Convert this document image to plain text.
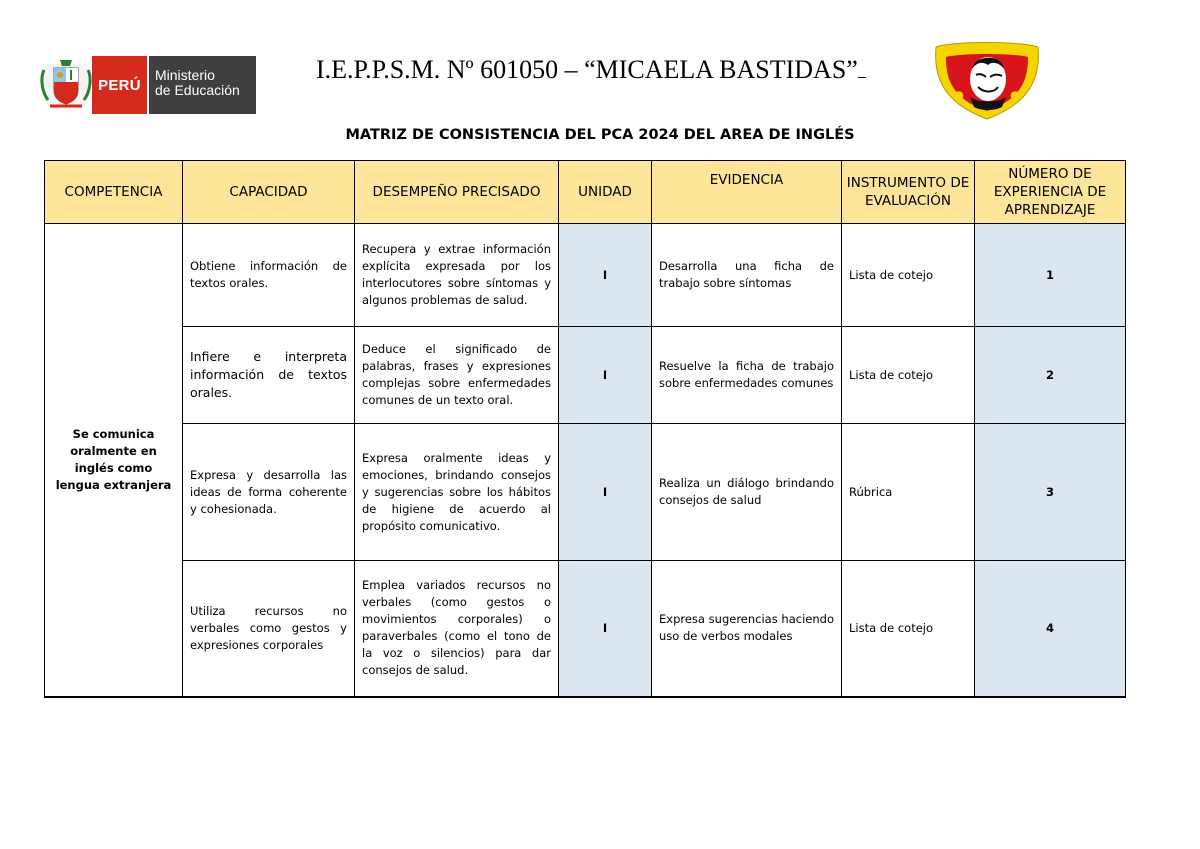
PERÚ
Ministerio
de Educación
I.E.P.P.S.M. Nº 601050 – “MICAELA BASTIDAS”
MATRIZ DE CONSISTENCIA DEL PCA 2024 DEL AREA DE INGLÉS
COMPETENCIA	CAPACIDAD	DESEMPEÑO PRECISADO	UNIDAD	EVIDENCIA	INSTRUMENTO DE EVALUACIÓN	NÚMERO DE EXPERIENCIA DE APRENDIZAJE
Se comunica oralmente en inglés como lengua extranjera	Obtiene información de textos orales.	Recupera y extrae información explícita expresada por los interlocutores sobre síntomas y algunos problemas de salud.	I	Desarrolla una ficha de trabajo sobre síntomas	Lista de cotejo	1
	Infiere e interpreta información de textos orales.	Deduce el significado de palabras, frases y expresiones complejas sobre enfermedades comunes de un texto oral.	I	Resuelve la ficha de trabajo sobre enfermedades comunes	Lista de cotejo	2
	Expresa y desarrolla las ideas de forma coherente y cohesionada.	Expresa oralmente ideas y emociones, brindando consejos y sugerencias sobre los hábitos de higiene de acuerdo al propósito comunicativo.	I	Realiza un diálogo brindando consejos de salud	Rúbrica	3
	Utiliza recursos no verbales como gestos y expresiones corporales	Emplea variados recursos no verbales (como gestos o movimientos corporales) o paraverbales (como el tono de la voz o silencios) para dar consejos de salud.	I	Expresa sugerencias haciendo uso de verbos modales	Lista de cotejo	4
